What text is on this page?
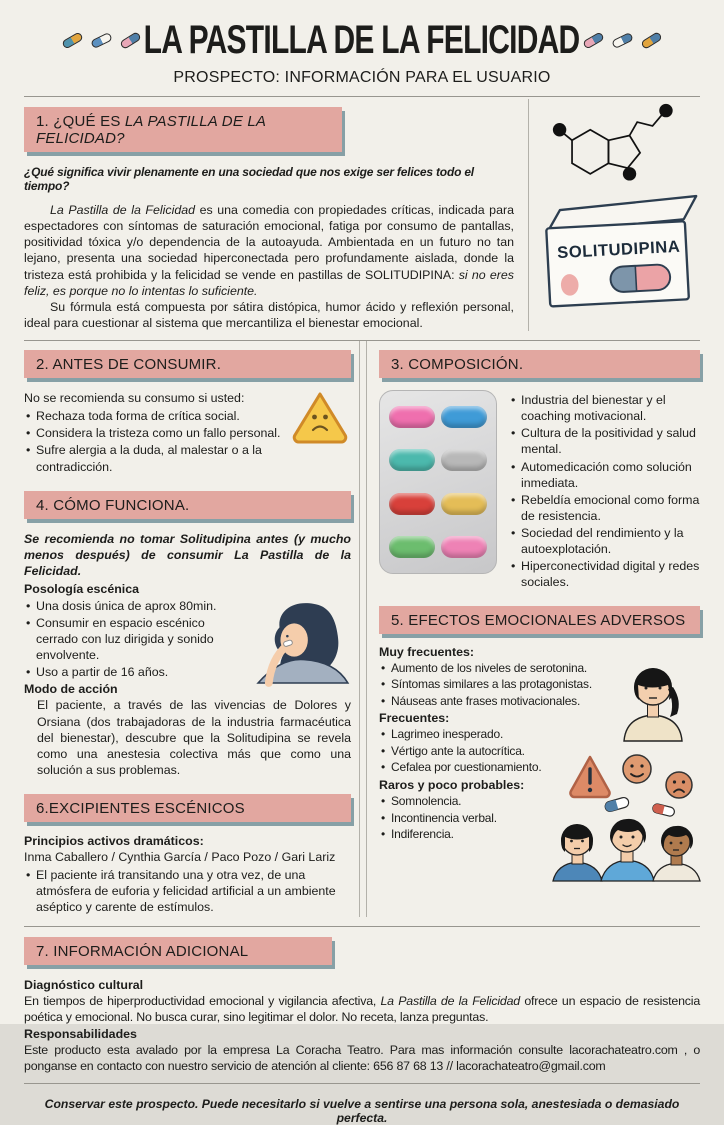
LA PASTILLA DE LA FELICIDAD
PROSPECTO: INFORMACIÓN PARA EL USUARIO
1. ¿QUÉ ES LA PASTILLA DE LA FELICIDAD?

¿Qué significa vivir plenamente en una sociedad que nos exige ser felices todo el tiempo?

La Pastilla de la Felicidad es una comedia con propiedades críticas, indicada para espectadores con síntomas de saturación emocional, fatiga por consumo de pantallas, positividad tóxica y/o dependencia de la autoayuda. Ambientada en un futuro no tan lejano, presenta una sociedad hiperconectada pero profundamente aislada, donde la tristeza está prohibida y la felicidad se vende en pastillas de SOLITUDIPINA: si no eres feliz, es porque no lo intentas lo suficiente.

Su fórmula está compuesta por sátira distópica, humor ácido y reflexión personal, ideal para cuestionar al sistema que mercantiliza el bienestar emocional.

SOLITUDIPINA
2. ANTES DE CONSUMIR.

No se recomienda su consumo si usted:

• Rechaza toda forma de crítica social.
• Considera la tristeza como un fallo personal.
• Sufre alergia a la duda, al malestar o a la contradicción.
4. CÓMO FUNCIONA.

Se recomienda no tomar Solitudipina antes (y mucho menos después) de consumir La Pastilla de la Felicidad.

Posología escénica
• Una dosis única de aprox 80min.
• Consumir en espacio escénico cerrado con luz dirigida y sonido envolvente.
• Uso a partir de 16 años.
Modo de acción

El paciente, a través de las vivencias de Dolores y Orsiana (dos trabajadoras de la industria farmacéutica del bienestar), descubre que la Solitudipina se revela como una anestesia colectiva más que como una solución a sus problemas.

6.EXCIPIENTES ESCÉNICOS
Principios activos dramáticos:

Inma Caballero / Cynthia García / Paco Pozo / Gari Lariz

• El paciente irá transitando una y otra vez, de una atmósfera de euforia y felicidad artificial a un ambiente aséptico y carente de estímulos.
3. COMPOSICIÓN.
• Industria del bienestar y el coaching motivacional.
• Cultura de la positividad y salud mental.
• Automedicación como solución inmediata.
• Rebeldía emocional como forma de resistencia.
• Sociedad del rendimiento y la autoexplotación.
• Hiperconectividad digital y redes sociales.
5. EFECTOS EMOCIONALES ADVERSOS
Muy frecuentes:
• Aumento de los niveles de serotonina.
• Síntomas similares a las protagonistas.
• Náuseas ante frases motivacionales.
Frecuentes:
• Lagrimeo inesperado.
• Vértigo ante la autocrítica.
• Cefalea por cuestionamiento.
Raros y poco probables:
• Somnolencia.
• Incontinencia verbal.
• Indiferencia.
7. INFORMACIÓN ADICIONAL
Diagnóstico cultural

En tiempos de hiperproductividad emocional y vigilancia afectiva, La Pastilla de la Felicidad ofrece un espacio de resistencia poética y emocional. No busca curar, sino legitimar el dolor. No receta, lanza preguntas.

Responsabilidades

Este producto esta avalado por la empresa La Coracha Teatro. Para mas información consulte lacorachateatro.com , o ponganse en contacto con nuestro servicio de atención al cliente: 656 87 68 13 // lacorachateatro@gmail.com

Conservar este prospecto. Puede necesitarlo si vuelve a sentirse una persona sola, anestesiada o demasiado perfecta.
